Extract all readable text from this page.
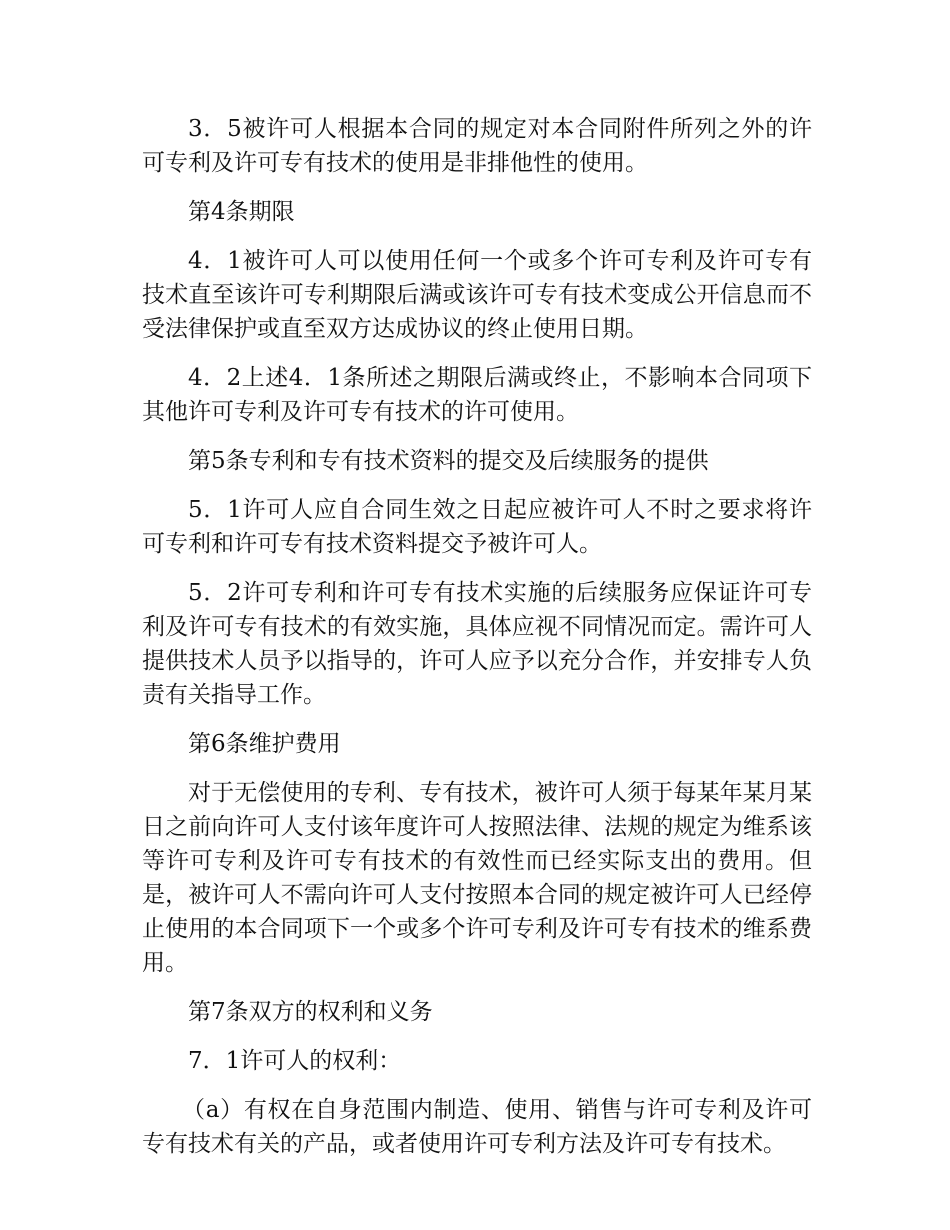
3．5被许可人根据本合同的规定对本合同附件所列之外的许可专利及许可专有技术的使用是非排他性的使用。

第4条期限

4．1被许可人可以使用任何一个或多个许可专利及许可专有技术直至该许可专利期限后满或该许可专有技术变成公开信息而不受法律保护或直至双方达成协议的终止使用日期。

4．2上述4．1条所述之期限后满或终止，不影响本合同项下其他许可专利及许可专有技术的许可使用。

第5条专利和专有技术资料的提交及后续服务的提供

5．1许可人应自合同生效之日起应被许可人不时之要求将许可专利和许可专有技术资料提交予被许可人。

5．2许可专利和许可专有技术实施的后续服务应保证许可专利及许可专有技术的有效实施，具体应视不同情况而定。需许可人提供技术人员予以指导的，许可人应予以充分合作，并安排专人负责有关指导工作。

第6条维护费用

对于无偿使用的专利、专有技术，被许可人须于每某年某月某日之前向许可人支付该年度许可人按照法律、法规的规定为维系该等许可专利及许可专有技术的有效性而已经实际支出的费用。但是，被许可人不需向许可人支付按照本合同的规定被许可人已经停止使用的本合同项下一个或多个许可专利及许可专有技术的维系费用。

第7条双方的权利和义务

7．1许可人的权利：

（a）有权在自身范围内制造、使用、销售与许可专利及许可专有技术有关的产品，或者使用许可专利方法及许可专有技术。
